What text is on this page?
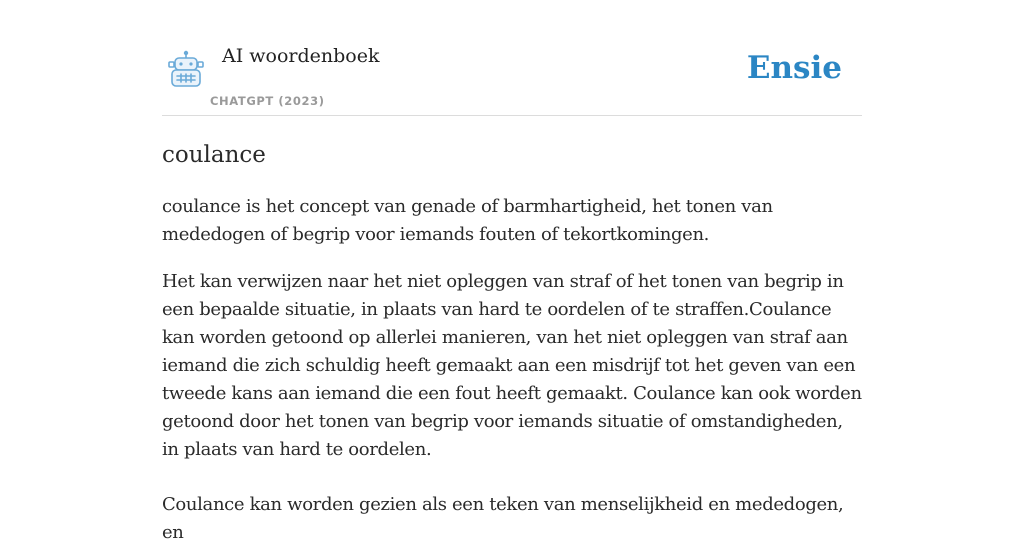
AI woordenboek
CHATGPT (2023)
Ensie
coulance

coulance is het concept van genade of barmhartigheid, het tonen van mededogen of begrip voor iemands fouten of tekortkomingen.

Het kan verwijzen naar het niet opleggen van straf of het tonen van begrip in een bepaalde situatie, in plaats van hard te oordelen of te straffen.Coulance kan worden getoond op allerlei manieren, van het niet opleggen van straf aan iemand die zich schuldig heeft gemaakt aan een misdrijf tot het geven van een tweede kans aan iemand die een fout heeft gemaakt. Coulance kan ook worden getoond door het tonen van begrip voor iemands situatie of omstandigheden, in plaats van hard te oordelen.

Coulance kan worden gezien als een teken van menselijkheid en mededogen, en
